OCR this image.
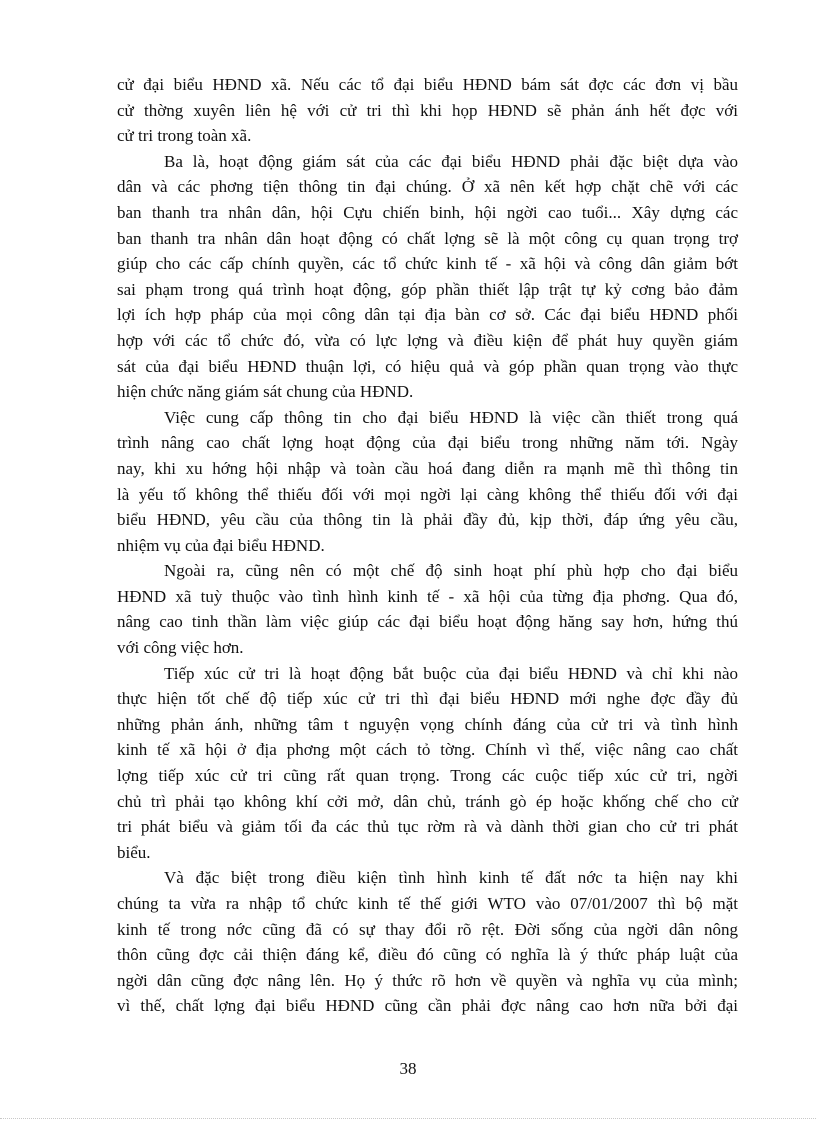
cử đại biểu HĐND xã. Nếu các tổ đại biểu HĐND bám sát đợc các đơn vị bầu

cử thờng xuyên liên hệ với cử tri thì khi họp HĐND sẽ phản ánh hết đợc với

cử tri trong toàn xã.

Ba là, hoạt động giám sát của các đại biểu HĐND phải đặc biệt dựa vào

dân và các phơng tiện thông tin đại chúng. Ở xã nên kết hợp chặt chẽ với các

ban thanh tra nhân dân, hội Cựu chiến binh, hội ngời cao tuổi... Xây dựng các

ban thanh tra nhân dân hoạt động có chất lợng sẽ là một công cụ quan trọng trợ

giúp cho các cấp chính quyền, các tổ chức kinh tế - xã hội và công dân giảm bớt

sai phạm trong quá trình hoạt động, góp phần thiết lập trật tự kỷ cơng bảo đảm

lợi ích hợp pháp của mọi công dân tại địa bàn cơ sở. Các đại biểu HĐND phối

hợp với các tổ chức đó, vừa có lực lợng và điều kiện để phát huy quyền giám

sát của đại biểu HĐND thuận lợi, có hiệu quả và góp phần quan trọng vào thực

hiện chức năng giám sát chung của HĐND.

Việc cung cấp thông tin cho đại biểu HĐND là việc cần thiết trong quá

trình nâng cao chất lợng hoạt động của đại biểu trong những năm tới. Ngày

nay, khi xu hớng hội nhập và toàn cầu hoá đang diễn ra mạnh mẽ thì thông tin

là yếu tố không thể thiếu đối với mọi ngời lại càng không thể thiếu đối với đại

biểu HĐND, yêu cầu của thông tin là phải đầy đủ, kịp thời, đáp ứng yêu cầu,

nhiệm vụ của đại biểu HĐND.

Ngoài ra, cũng nên có một chế độ sinh hoạt phí phù hợp cho đại biểu

HĐND xã tuỳ thuộc vào tình hình kinh tế - xã hội của từng địa phơng. Qua đó,

nâng cao tinh thần làm việc giúp các đại biểu hoạt động hăng say hơn, hứng thú

với công việc hơn.

Tiếp xúc cử tri là hoạt động bắt buộc của đại biểu HĐND và chỉ khi nào

thực hiện tốt chế độ tiếp xúc cử tri thì đại biểu HĐND mới nghe đợc đầy đủ

những phản ánh, những tâm t nguyện vọng chính đáng của cử tri và tình hình

kinh tế xã hội ở địa phơng một cách tỏ tờng. Chính vì thế, việc nâng cao chất

lợng tiếp xúc cử tri cũng rất quan trọng. Trong các cuộc tiếp xúc cử tri, ngời

chủ trì phải tạo không khí cởi mở, dân chủ, tránh gò ép hoặc khống chế cho cử

tri phát biểu và giảm tối đa các thủ tục rờm rà và dành thời gian cho cử tri phát

biểu.

Và đặc biệt trong điều kiện tình hình kinh tế đất nớc ta hiện nay khi

chúng ta vừa ra nhập tổ chức kinh tế thế giới WTO vào 07/01/2007 thì bộ mặt

kinh tế trong nớc cũng đã có sự thay đổi rõ rệt. Đời sống của ngời dân nông

thôn cũng đợc cải thiện đáng kể, điều đó cũng có nghĩa là ý thức pháp luật của

ngời dân cũng đợc nâng lên. Họ ý thức rõ hơn về quyền và nghĩa vụ của mình;

vì thế, chất lợng đại biểu HĐND cũng cần phải đợc nâng cao hơn nữa bởi đại

38
